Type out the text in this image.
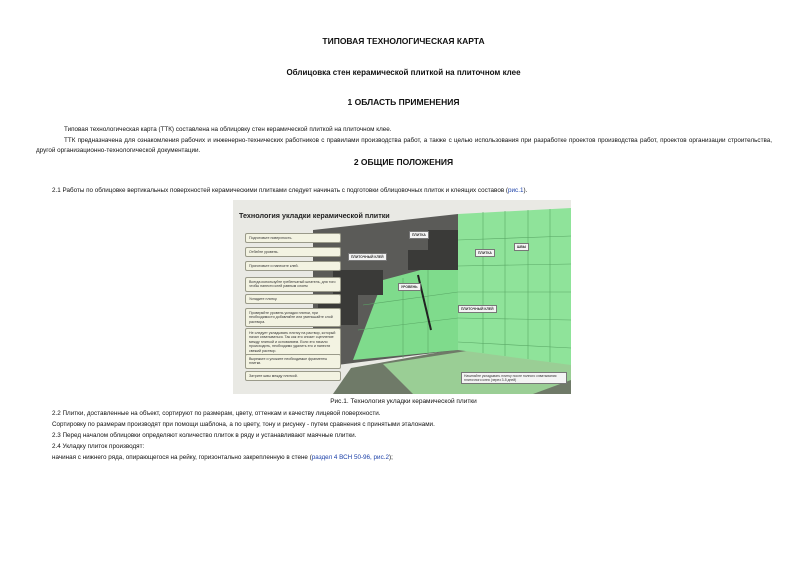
ТИПОВАЯ ТЕХНОЛОГИЧЕСКАЯ КАРТА
Облицовка стен керамической плиткой на плиточном клее
1 ОБЛАСТЬ ПРИМЕНЕНИЯ
Типовая технологическая карта (ТТК) составлена на облицовку стен керамической плиткой на плиточном клее.
ТТК предназначена для ознакомления рабочих и инженерно-технических работников с правилами производства работ, а также с целью использования при разработке проектов производства работ, проектов организации строительства, другой организационно-технологической документации.
2 ОБЩИЕ ПОЛОЖЕНИЯ
2.1 Работы по облицовке вертикальных поверхностей керамическими плитками следует начинать с подготовки облицовочных плиток и клеящих составов (рис.1).
Технология укладки керамической плитки
Подготовьте поверхность.
Отбейте уровень.
Приготовьте и нанесите клей.
Всегда используйте гребенчатый шпатель, для того чтобы нанести клей равным слоем
Укладите плитку.
Проверяйте уровень укладки плитки, при необходимости добавляйте или уменьшайте слой раствора.
Не следует укладывать плитку на раствор, который начал схватываться. Так как это снизит сцепление между плиткой и основанием. Если это начало происходить, необходимо удалить его и нанести свежий раствор.
Вырежьте и уложите необходимые фрагменты плитки.
Затрите швы между плиткой.
ПЛИТКА
ПЛИТКА
ШВЫ
ПЛИТОЧНЫЙ КЛЕЙ
УРОВЕНЬ
ПЛИТОЧНЫЙ КЛЕЙ
Начинайте укладывать плитку после полного схватывания плиточного клея (через 3-5 дней)
Рис.1. Технология укладки керамической плитки
2.2 Плитки, доставленные на объект, сортируют по размерам, цвету, оттенкам и качеству лицевой поверхности.
Сортировку по размерам производят при помощи шаблона, а по цвету, тону и рисунку - путем сравнения с принятыми эталонами.
2.3 Перед началом облицовки определяют количество плиток в ряду и устанавливают маячные плитки.
2.4 Укладку плиток производят:
начиная с нижнего ряда, опирающегося на рейку, горизонтально закрепленную в стене (раздел 4 ВСН 50-96, рис.2);
